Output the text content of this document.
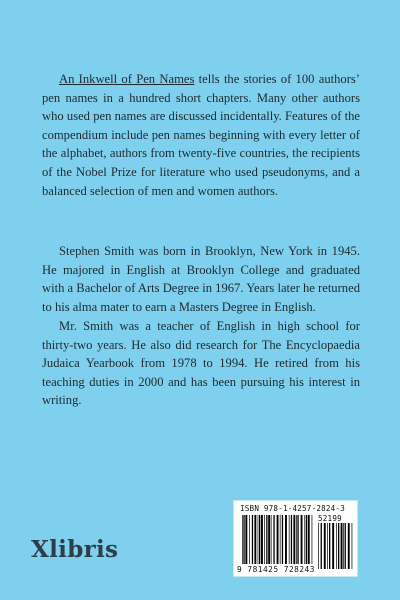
An Inkwell of Pen Names tells the stories of 100 authors’ pen names in a hundred short chapters. Many other authors who used pen names are discussed incidentally. Features of the compendium include pen names beginning with every letter of the alphabet, authors from twenty-five countries, the recipients of the Nobel Prize for literature who used pseudonyms, and a balanced selection of men and women authors.

Stephen Smith was born in Brooklyn, New York in 1945. He majored in English at Brooklyn College and graduated with a Bachelor of Arts Degree in 1967. Years later he returned to his alma mater to earn a Masters Degree in English.

Mr. Smith was a teacher of English in high school for thirty-two years. He also did research for The Encyclopaedia Judaica Yearbook from 1978 to 1994. He retired from his teaching duties in 2000 and has been pursuing his interest in writing.

Xlibris
ISBN 978-1-4257-2824-3
52199
9 781425 728243
